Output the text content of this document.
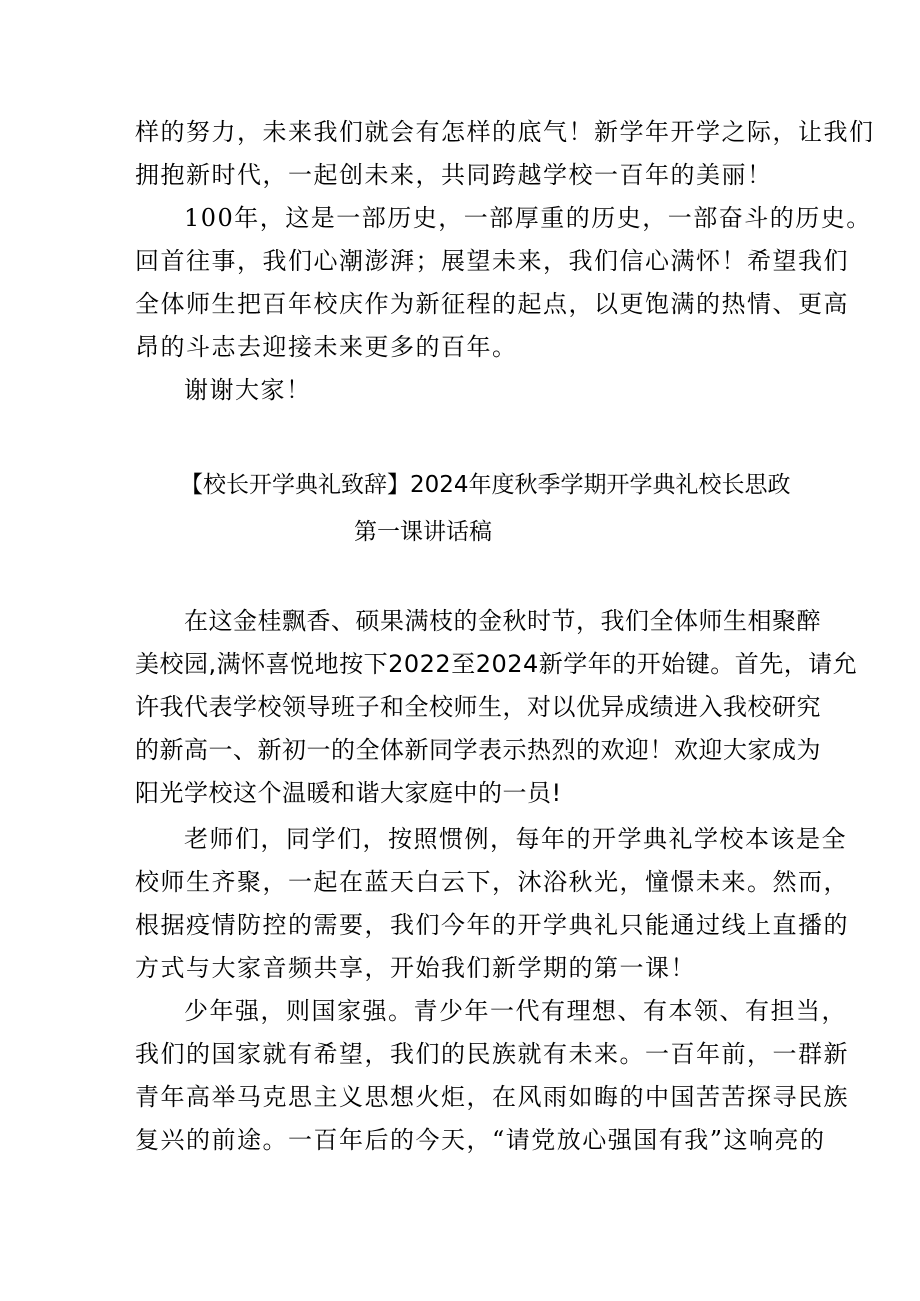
样的努力，未来我们就会有怎样的底气！新学年开学之际，让我们

拥抱新时代，一起创未来，共同跨越学校一百年的美丽！

100年，这是一部历史，一部厚重的历史，一部奋斗的历史。

回首往事，我们心潮澎湃；展望未来，我们信心满怀！希望我们

全体师生把百年校庆作为新征程的起点，以更饱满的热情、更高

昂的斗志去迎接未来更多的百年。

谢谢大家！

【校长开学典礼致辞】2024年度秋季学期开学典礼校长思政

第一课讲话稿

在这金桂飘香、硕果满枝的金秋时节，我们全体师生相聚醉

美校园,满怀喜悦地按下2022至2024新学年的开始键。首先，请允

许我代表学校领导班子和全校师生，对以优异成绩进入我校研究

的新高一、新初一的全体新同学表示热烈的欢迎！欢迎大家成为

阳光学校这个温暖和谐大家庭中的一员!

老师们，同学们，按照惯例，每年的开学典礼学校本该是全

校师生齐聚，一起在蓝天白云下，沐浴秋光，憧憬未来。然而，

根据疫情防控的需要，我们今年的开学典礼只能通过线上直播的

方式与大家音频共享，开始我们新学期的第一课！

少年强，则国家强。青少年一代有理想、有本领、有担当，

我们的国家就有希望，我们的民族就有未来。一百年前，一群新

青年高举马克思主义思想火炬，在风雨如晦的中国苦苦探寻民族

复兴的前途。一百年后的今天，“请党放心强国有我”这响亮的
